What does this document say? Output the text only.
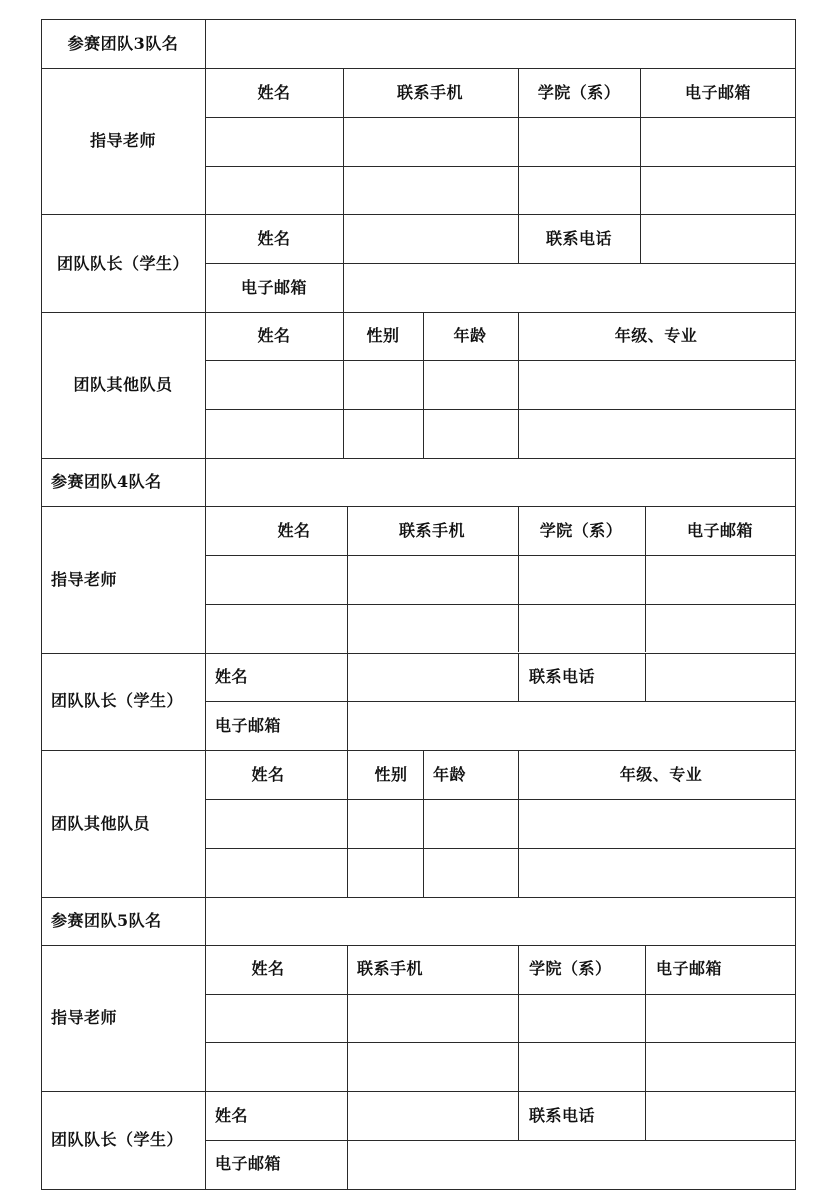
参赛团队3队名
指导老师
姓名	联系手机	学院（系）	电子邮箱
团队队长（学生）
姓名	联系电话
电子邮箱
团队其他队员
姓名	性别	年龄	年级、专业
参赛团队4队名
指导老师
姓名	联系手机	学院（系）	电子邮箱
团队队长（学生）
姓名	联系电话
电子邮箱
团队其他队员
姓名	性别 年龄	年级、专业
参赛团队5队名
指导老师
姓名	联系手机	学院（系）	电子邮箱
团队队长（学生）
姓名	联系电话
电子邮箱
